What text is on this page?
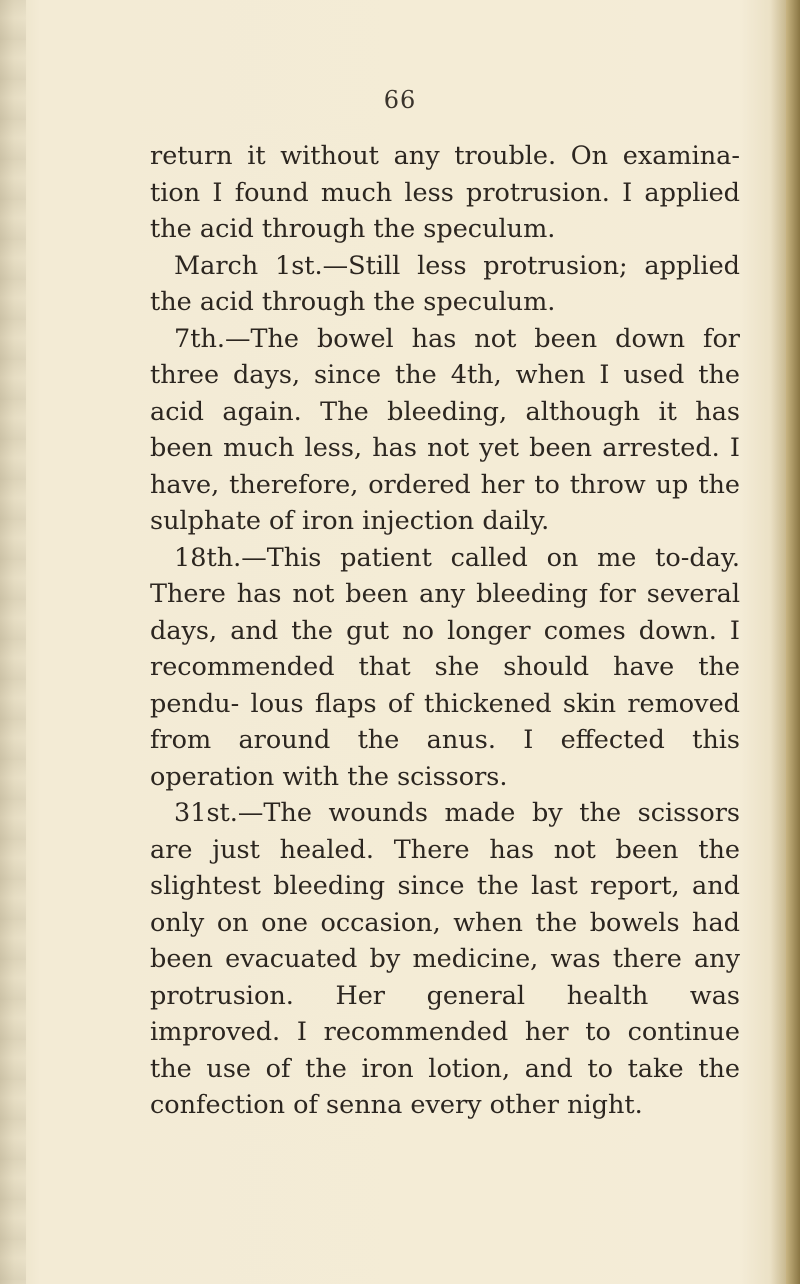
66

return it without any trouble. On examina- tion I found much less protrusion. I applied the acid through the speculum.

March 1st.—Still less protrusion; applied the acid through the speculum.

7th.—The bowel has not been down for three days, since the 4th, when I used the acid again. The bleeding, although it has been much less, has not yet been arrested. I have, therefore, ordered her to throw up the sulphate of iron injection daily.

18th.—This patient called on me to-day. There has not been any bleeding for several days, and the gut no longer comes down. I recommended that she should have the pendu- lous flaps of thickened skin removed from around the anus. I effected this operation with the scissors.

31st.—The wounds made by the scissors are just healed. There has not been the slightest bleeding since the last report, and only on one occasion, when the bowels had been evacuated by medicine, was there any protrusion. Her general health was improved. I recommended her to continue the use of the iron lotion, and to take the confection of senna every other night.
